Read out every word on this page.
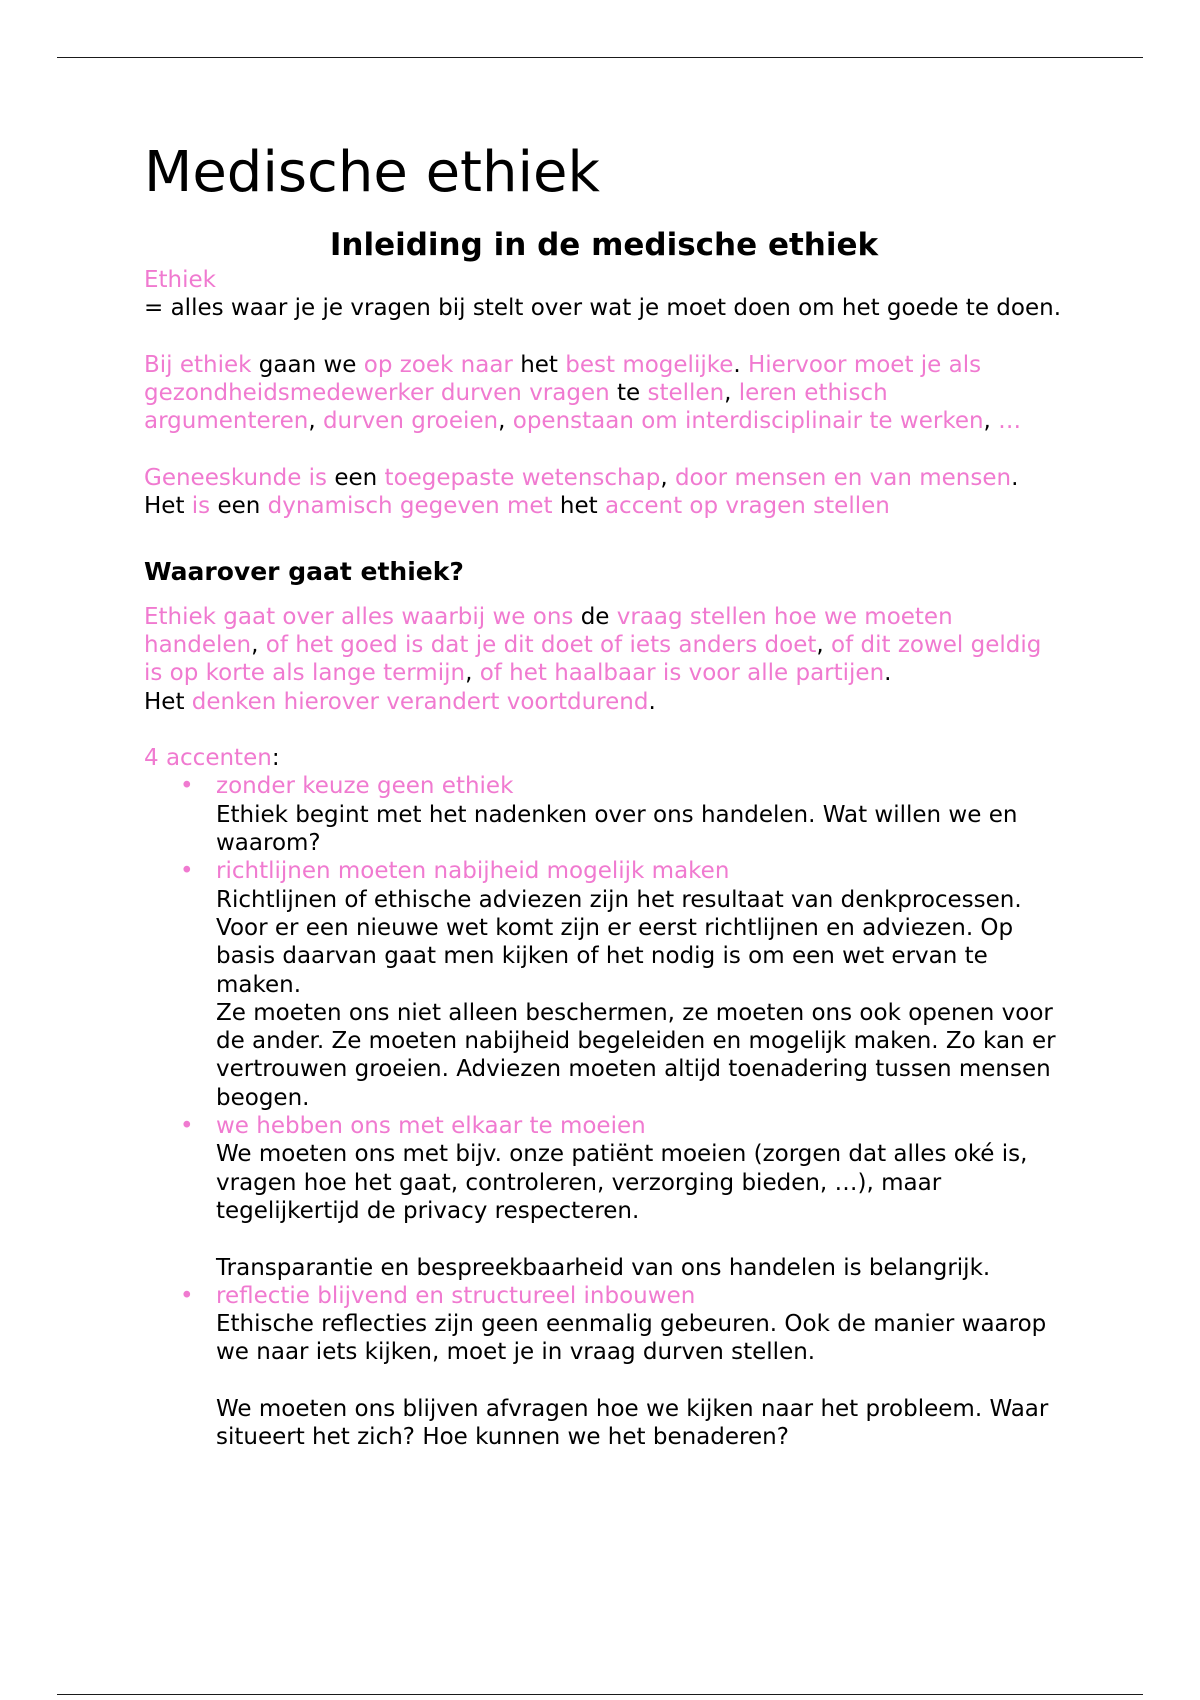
Medische ethiek
Inleiding in de medische ethiek
Ethiek
= alles waar je je vragen bij stelt over wat je moet doen om het goede te doen.
Bij ethiek gaan we op zoek naar het best mogelijke. Hiervoor moet je als gezondheidsmedewerker durven vragen te stellen, leren ethisch argumenteren, durven groeien, openstaan om interdisciplinair te werken, …
Geneeskunde is een toegepaste wetenschap, door mensen en van mensen.
Het is een dynamisch gegeven met het accent op vragen stellen
Waarover gaat ethiek?
Ethiek gaat over alles waarbij we ons de vraag stellen hoe we moeten handelen, of het goed is dat je dit doet of iets anders doet, of dit zowel geldig is op korte als lange termijn, of het haalbaar is voor alle partijen.
Het denken hierover verandert voortdurend.
4 accenten:
• zonder keuze geen ethiek
Ethiek begint met het nadenken over ons handelen. Wat willen we en waarom?
• richtlijnen moeten nabijheid mogelijk maken
Richtlijnen of ethische adviezen zijn het resultaat van denkprocessen. Voor er een nieuwe wet komt zijn er eerst richtlijnen en adviezen. Op basis daarvan gaat men kijken of het nodig is om een wet ervan te maken.
Ze moeten ons niet alleen beschermen, ze moeten ons ook openen voor de ander. Ze moeten nabijheid begeleiden en mogelijk maken. Zo kan er vertrouwen groeien. Adviezen moeten altijd toenadering tussen mensen beogen.
• we hebben ons met elkaar te moeien
We moeten ons met bijv. onze patiënt moeien (zorgen dat alles oké is, vragen hoe het gaat, controleren, verzorging bieden, …), maar tegelijkertijd de privacy respecteren.
Transparantie en bespreekbaarheid van ons handelen is belangrijk.
• reflectie blijvend en structureel inbouwen
Ethische reflecties zijn geen eenmalig gebeuren. Ook de manier waarop we naar iets kijken, moet je in vraag durven stellen.
We moeten ons blijven afvragen hoe we kijken naar het probleem. Waar situeert het zich? Hoe kunnen we het benaderen?
